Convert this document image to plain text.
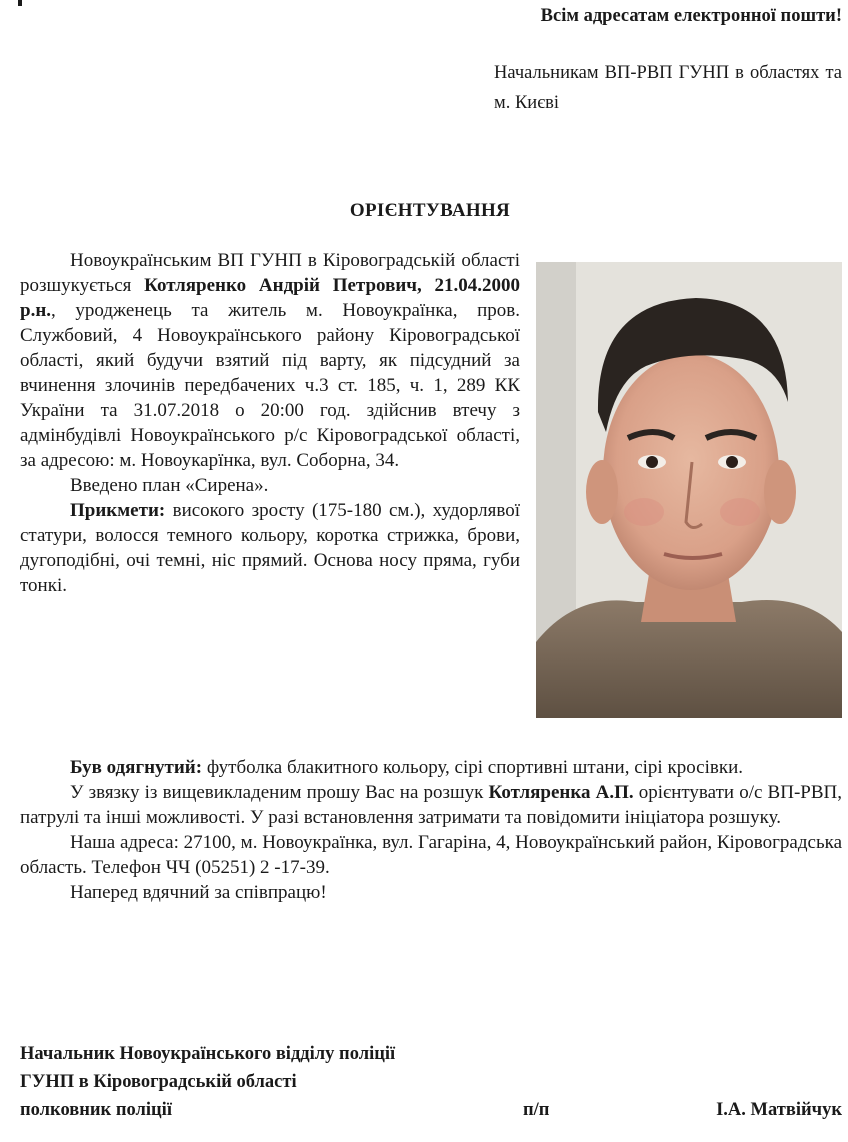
Всім адресатам електронної пошти!
Начальникам ВП-РВП ГУНП в областях та м. Києві
ОРІЄНТУВАННЯ

Новоукраїнським ВП ГУНП в Кіровоградській області розшукується Котляренко Андрій Петрович, 21.04.2000 р.н., уродженець та житель м. Новоукраїнка, пров. Службовий, 4 Новоукраїнського району Кіровоградської області, який будучи взятий під варту, як підсудний за вчинення злочинів передбачених ч.3 ст. 185, ч. 1, 289 КК України та 31.07.2018 о 20:00 год. здійснив втечу з адмінбудівлі Новоукраїнського р/с Кіровоградської області, за адресою: м. Новоукарїнка, вул. Соборна, 34.

Введено план «Сирена».

Прикмети: високого зросту (175-180 см.), худорлявої статури, волосся темного кольору, коротка стрижка, брови, дугоподібні, очі темні, ніс прямий. Основа носу пряма, губи тонкі.

Був одягнутий: футболка блакитного кольору, сірі спортивні штани, сірі кросівки.

У звязку із вищевикладеним прошу Вас на розшук Котляренка А.П. орієнтувати о/с ВП-РВП, патрулі та інші можливості. У разі встановлення затримати та повідомити ініціатора розшуку.

Наша адреса: 27100, м. Новоукраїнка, вул. Гагаріна, 4, Новоукраїнський район, Кіровоградська область. Телефон ЧЧ (05251) 2 -17-39.

Наперед вдячний за співпрацю!

Начальник Новоукраїнського відділу поліції
ГУНП в Кіровоградській області
полковник поліції	п/п	І.А. Матвійчук
